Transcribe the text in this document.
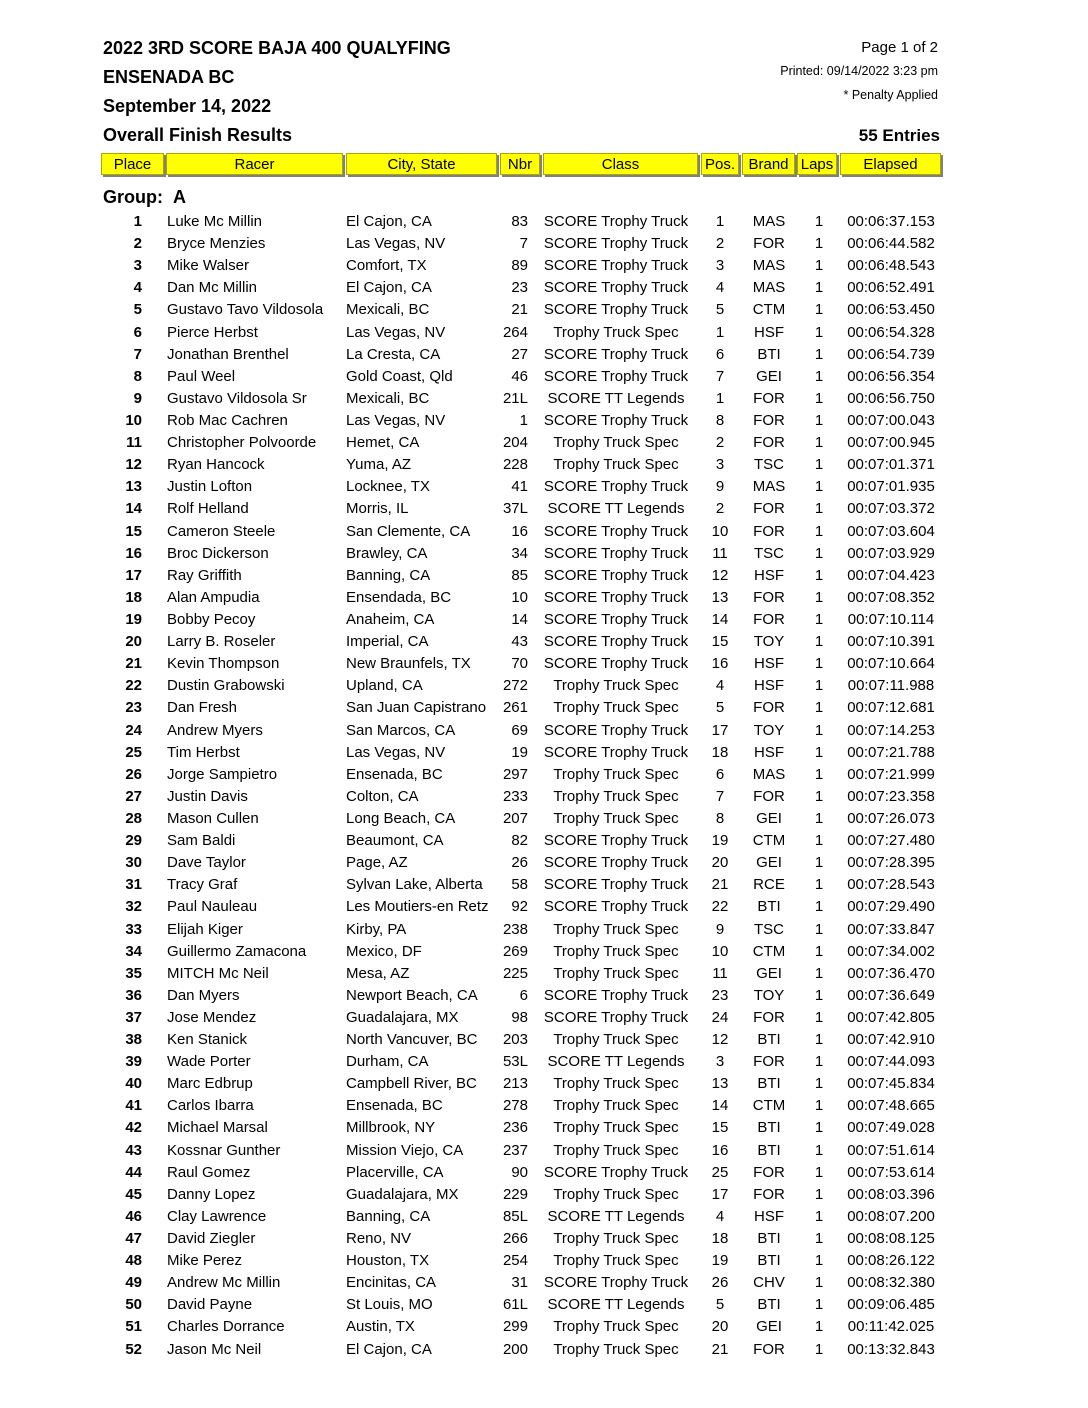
2022 3RD SCORE BAJA 400 QUALYFING
ENSENADA BC
September 14, 2022
Overall Finish Results
Page 1 of 2
Printed: 09/14/2022 3:23 pm
* Penalty Applied
55 Entries
Place	Racer	City, State	Nbr	Class	Pos. Brand Laps	Elapsed
Group: A
1 Luke Mc Millin	El Cajon, CA	83 SCORE Trophy Truck	1	MAS	1	00:06:37.153
2 Bryce Menzies	Las Vegas, NV	7 SCORE Trophy Truck	2	FOR	1	00:06:44.582
3 Mike Walser	Comfort, TX	89 SCORE Trophy Truck	3	MAS	1	00:06:48.543
4 Dan Mc Millin	El Cajon, CA	23 SCORE Trophy Truck	4	MAS	1	00:06:52.491
5 Gustavo Tavo Vildosola	Mexicali, BC	21 SCORE Trophy Truck	5	CTM	1	00:06:53.450
6 Pierce Herbst	Las Vegas, NV	264	Trophy Truck Spec	1	HSF	1	00:06:54.328
7 Jonathan Brenthel	La Cresta, CA	27 SCORE Trophy Truck	6	BTI	1	00:06:54.739
8 Paul Weel	Gold Coast, Qld	46 SCORE Trophy Truck	7	GEI	1	00:06:56.354
9 Gustavo Vildosola Sr	Mexicali, BC	21L	SCORE TT Legends	1	FOR	1	00:06:56.750
10 Rob Mac Cachren	Las Vegas, NV	1 SCORE Trophy Truck	8	FOR	1	00:07:00.043
11 Christopher Polvoorde	Hemet, CA	204	Trophy Truck Spec	2	FOR	1	00:07:00.945
12 Ryan Hancock	Yuma, AZ	228	Trophy Truck Spec	3	TSC	1	00:07:01.371
13 Justin Lofton	Locknee, TX	41 SCORE Trophy Truck	9	MAS	1	00:07:01.935
14 Rolf Helland	Morris, IL	37L	SCORE TT Legends	2	FOR	1	00:07:03.372
15 Cameron Steele	San Clemente, CA	16 SCORE Trophy Truck	10	FOR	1	00:07:03.604
16 Broc Dickerson	Brawley, CA	34 SCORE Trophy Truck	11	TSC	1	00:07:03.929
17 Ray Griffith	Banning, CA	85 SCORE Trophy Truck	12	HSF	1	00:07:04.423
18 Alan Ampudia	Ensendada, BC	10 SCORE Trophy Truck	13	FOR	1	00:07:08.352
19 Bobby Pecoy	Anaheim, CA	14 SCORE Trophy Truck	14	FOR	1	00:07:10.114
20 Larry B. Roseler	Imperial, CA	43 SCORE Trophy Truck	15	TOY	1	00:07:10.391
21 Kevin Thompson	New Braunfels, TX	70 SCORE Trophy Truck	16	HSF	1	00:07:10.664
22 Dustin Grabowski	Upland, CA	272	Trophy Truck Spec	4	HSF	1	00:07:11.988
23 Dan Fresh	San Juan Capistrano	261	Trophy Truck Spec	5	FOR	1	00:07:12.681
24 Andrew Myers	San Marcos, CA	69 SCORE Trophy Truck	17	TOY	1	00:07:14.253
25 Tim Herbst	Las Vegas, NV	19 SCORE Trophy Truck	18	HSF	1	00:07:21.788
26 Jorge Sampietro	Ensenada, BC	297	Trophy Truck Spec	6	MAS	1	00:07:21.999
27 Justin Davis	Colton, CA	233	Trophy Truck Spec	7	FOR	1	00:07:23.358
28 Mason Cullen	Long Beach, CA	207	Trophy Truck Spec	8	GEI	1	00:07:26.073
29 Sam Baldi	Beaumont, CA	82 SCORE Trophy Truck	19	CTM	1	00:07:27.480
30 Dave Taylor	Page, AZ	26 SCORE Trophy Truck	20	GEI	1	00:07:28.395
31 Tracy Graf	Sylvan Lake, Alberta	58 SCORE Trophy Truck	21	RCE	1	00:07:28.543
32 Paul Nauleau	Les Moutiers-en Retz	92 SCORE Trophy Truck	22	BTI	1	00:07:29.490
33 Elijah Kiger	Kirby, PA	238	Trophy Truck Spec	9	TSC	1	00:07:33.847
34 Guillermo Zamacona	Mexico, DF	269	Trophy Truck Spec	10	CTM	1	00:07:34.002
35 MITCH Mc Neil	Mesa, AZ	225	Trophy Truck Spec	11	GEI	1	00:07:36.470
36 Dan Myers	Newport Beach, CA	6 SCORE Trophy Truck	23	TOY	1	00:07:36.649
37 Jose Mendez	Guadalajara, MX	98 SCORE Trophy Truck	24	FOR	1	00:07:42.805
38 Ken Stanick	North Vancuver, BC	203	Trophy Truck Spec	12	BTI	1	00:07:42.910
39 Wade Porter	Durham, CA	53L	SCORE TT Legends	3	FOR	1	00:07:44.093
40 Marc Edbrup	Campbell River, BC	213	Trophy Truck Spec	13	BTI	1	00:07:45.834
41 Carlos Ibarra	Ensenada, BC	278	Trophy Truck Spec	14	CTM	1	00:07:48.665
42 Michael Marsal	Millbrook, NY	236	Trophy Truck Spec	15	BTI	1	00:07:49.028
43 Kossnar Gunther	Mission Viejo, CA	237	Trophy Truck Spec	16	BTI	1	00:07:51.614
44 Raul Gomez	Placerville, CA	90 SCORE Trophy Truck	25	FOR	1	00:07:53.614
45 Danny Lopez	Guadalajara, MX	229	Trophy Truck Spec	17	FOR	1	00:08:03.396
46 Clay Lawrence	Banning, CA	85L	SCORE TT Legends	4	HSF	1	00:08:07.200
47 David Ziegler	Reno, NV	266	Trophy Truck Spec	18	BTI	1	00:08:08.125
48 Mike Perez	Houston, TX	254	Trophy Truck Spec	19	BTI	1	00:08:26.122
49 Andrew Mc Millin	Encinitas, CA	31 SCORE Trophy Truck	26	CHV	1	00:08:32.380
50 David Payne	St Louis, MO	61L	SCORE TT Legends	5	BTI	1	00:09:06.485
51 Charles Dorrance	Austin, TX	299	Trophy Truck Spec	20	GEI	1	00:11:42.025
52 Jason Mc Neil	El Cajon, CA	200	Trophy Truck Spec	21	FOR	1	00:13:32.843
